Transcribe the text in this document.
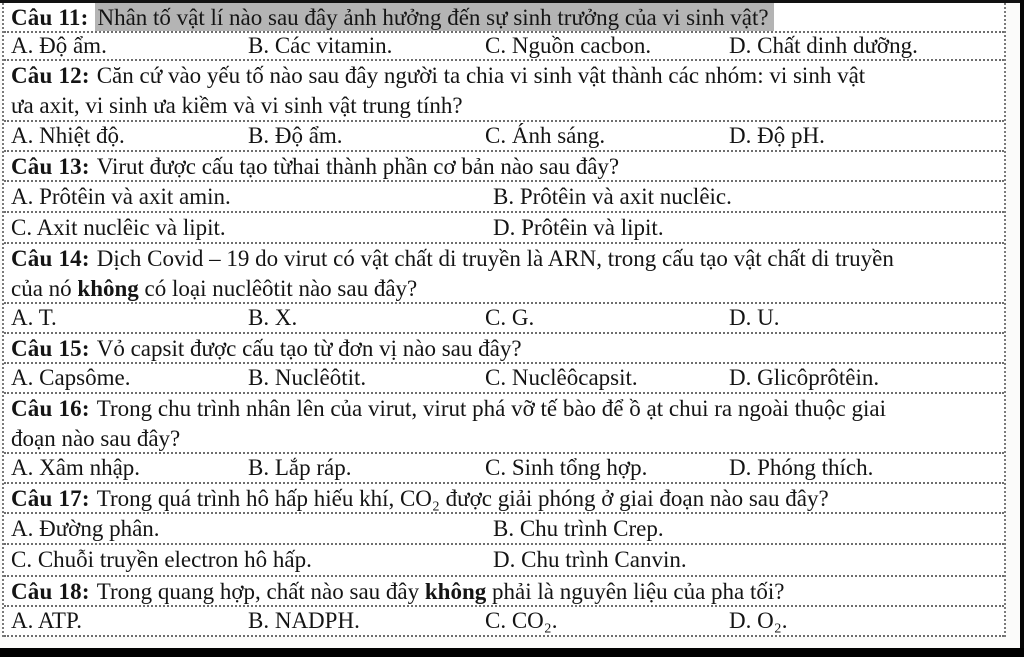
Câu 11: Nhân tố vật lí nào sau đây ảnh hưởng đến sự sinh trưởng của vi sinh vật?
A. Độ ẩm.	B. Các vitamin.	C. Nguồn cacbon.	D. Chất dinh dưỡng.
Câu 12: Căn cứ vào yếu tố nào sau đây người ta chia vi sinh vật thành các nhóm: vi sinh vật
ưa axit, vi sinh ưa kiềm và vi sinh vật trung tính?
A. Nhiệt độ.	B. Độ ẩm.	C. Ánh sáng.	D. Độ pH.
Câu 13: Virut được cấu tạo từhai thành phần cơ bản nào sau đây?
A. Prôtêin và axit amin.	B. Prôtêin và axit nuclêic.
C. Axit nuclêic và lipit.	D. Prôtêin và lipit.
Câu 14: Dịch Covid – 19 do virut có vật chất di truyền là ARN, trong cấu tạo vật chất di truyền
của nó không có loại nuclêôtit nào sau đây?
A. T.	B. X.	C. G.	D. U.
Câu 15: Vỏ capsit được cấu tạo từ đơn vị nào sau đây?
A. Capsôme.	B. Nuclêôtit.	C. Nuclêôcapsit.	D. Glicôprôtêin.
Câu 16: Trong chu trình nhân lên của virut, virut phá vỡ tế bào để ồ ạt chui ra ngoài thuộc giai
đoạn nào sau đây?
A. Xâm nhập.	B. Lắp ráp.	C. Sinh tổng hợp.	D. Phóng thích.
Câu 17: Trong quá trình hô hấp hiếu khí, CO₂ được giải phóng ở giai đoạn nào sau đây?
A. Đường phân.	B. Chu trình Crep.
C. Chuỗi truyền electron hô hấp.	D. Chu trình Canvin.
Câu 18: Trong quang hợp, chất nào sau đây không phải là nguyên liệu của pha tối?
A. ATP.	B. NADPH.	C. CO₂.	D. O₂.
